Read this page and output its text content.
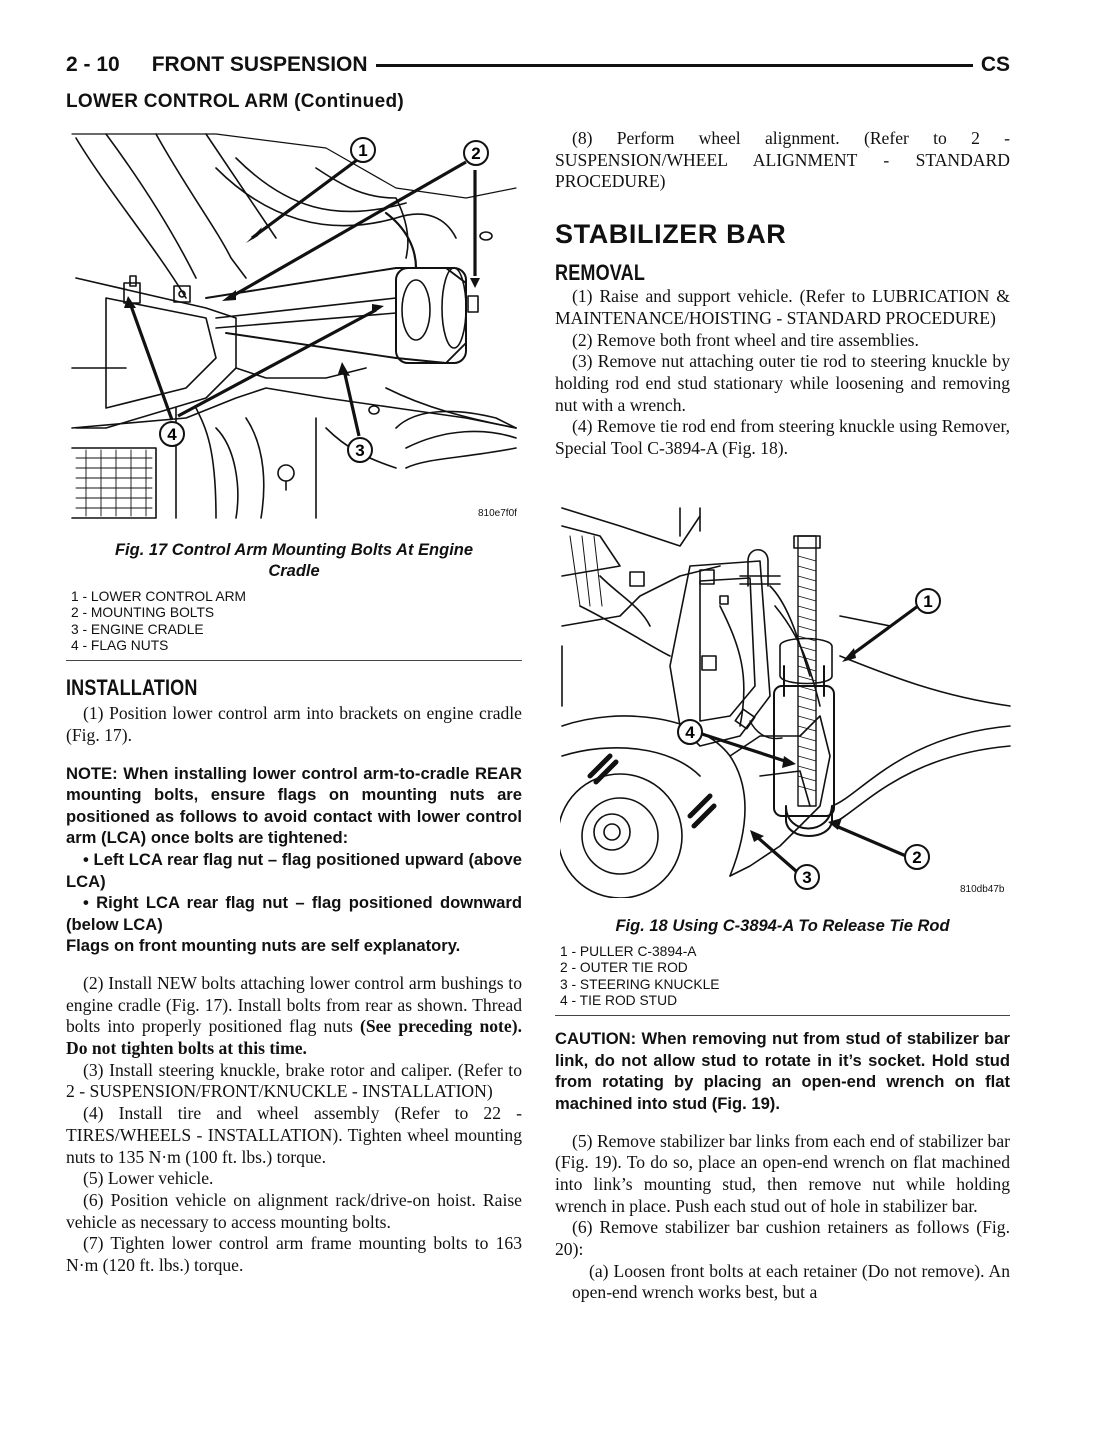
2 - 10 FRONT SUSPENSION	CS
LOWER CONTROL ARM (Continued)
1	2
3
4
810e7f0f
Fig. 17 Control Arm Mounting Bolts At Engine Cradle
1 - LOWER CONTROL ARM
2 - MOUNTING BOLTS
3 - ENGINE CRADLE
4 - FLAG NUTS
INSTALLATION

(1) Position lower control arm into brackets on engine cradle (Fig. 17).

NOTE: When installing lower control arm-to-cradle REAR mounting bolts, ensure flags on mounting nuts are positioned as follows to avoid contact with lower control arm (LCA) once bolts are tightened:

• Left LCA rear flag nut – flag positioned upward (above LCA)

• Right LCA rear flag nut – flag positioned downward (below LCA)

Flags on front mounting nuts are self explanatory.

(2) Install NEW bolts attaching lower control arm bushings to engine cradle (Fig. 17). Install bolts from rear as shown. Thread bolts into properly positioned flag nuts (See preceding note). Do not tighten bolts at this time.

(3) Install steering knuckle, brake rotor and caliper. (Refer to 2 - SUSPENSION/FRONT/KNUCKLE - INSTALLATION)

(4) Install tire and wheel assembly (Refer to 22 - TIRES/WHEELS - INSTALLATION). Tighten wheel mounting nuts to 135 N·m (100 ft. lbs.) torque.

(5) Lower vehicle.

(6) Position vehicle on alignment rack/drive-on hoist. Raise vehicle as necessary to access mounting bolts.

(7) Tighten lower control arm frame mounting bolts to 163 N·m (120 ft. lbs.) torque.

(8) Perform wheel alignment. (Refer to 2 - SUSPENSION/WHEEL ALIGNMENT - STANDARD PROCEDURE)

STABILIZER BAR
REMOVAL

(1) Raise and support vehicle. (Refer to LUBRICATION & MAINTENANCE/HOISTING - STANDARD PROCEDURE)

(2) Remove both front wheel and tire assemblies.

(3) Remove nut attaching outer tie rod to steering knuckle by holding rod end stud stationary while loosening and removing nut with a wrench.

(4) Remove tie rod end from steering knuckle using Remover, Special Tool C-3894-A (Fig. 18).

1
2
3
4
810db47b
Fig. 18 Using C-3894-A To Release Tie Rod
1 - PULLER C-3894-A
2 - OUTER TIE ROD
3 - STEERING KNUCKLE
4 - TIE ROD STUD

CAUTION: When removing nut from stud of stabilizer bar link, do not allow stud to rotate in it’s socket. Hold stud from rotating by placing an open-end wrench on flat machined into stud (Fig. 19).

(5) Remove stabilizer bar links from each end of stabilizer bar (Fig. 19). To do so, place an open-end wrench on flat machined into link’s mounting stud, then remove nut while holding wrench in place. Push each stud out of hole in stabilizer bar.

(6) Remove stabilizer bar cushion retainers as follows (Fig. 20):

(a) Loosen front bolts at each retainer (Do not remove). An open-end wrench works best, but a
